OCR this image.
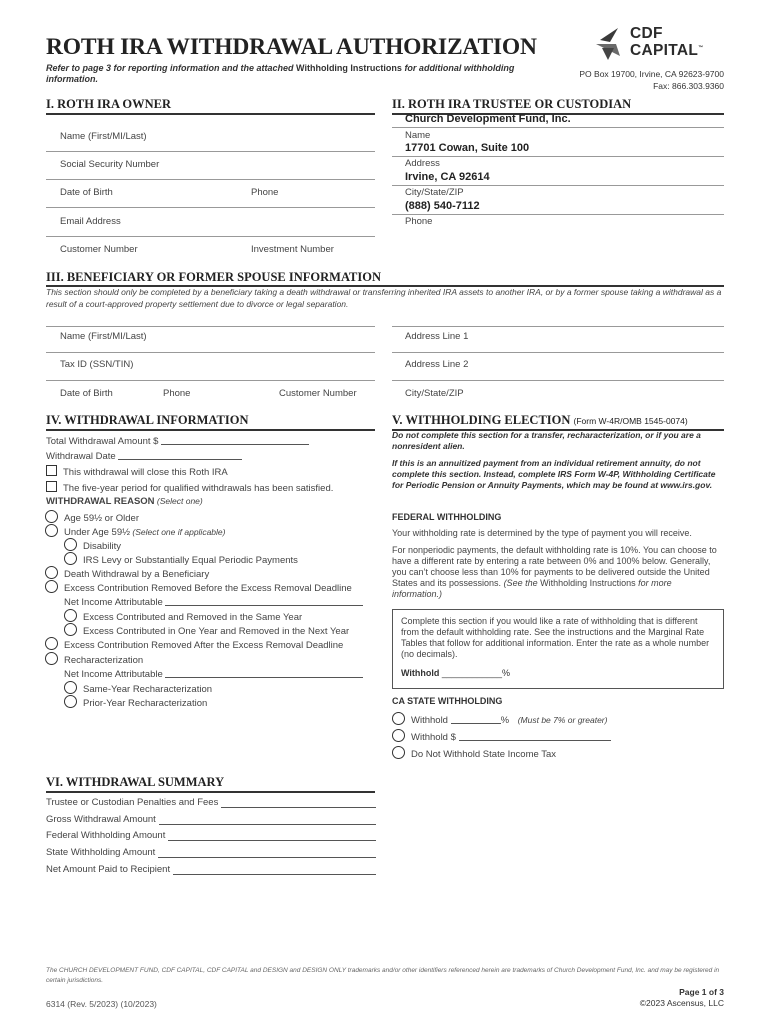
ROTH IRA WITHDRAWAL AUTHORIZATION
Refer to page 3 for reporting information and the attached Withholding Instructions for additional withholding information.
CDF
CAPITAL™
PO Box 19700, Irvine, CA 92623-9700
Fax: 866.303.9360
I. ROTH IRA OWNER
Name (First/MI/Last)
Social Security Number
Date of Birth	Phone
Email Address
Customer Number	Investment Number
II. ROTH IRA TRUSTEE OR CUSTODIAN
Church Development Fund, Inc.
Name
17701 Cowan, Suite 100
Address
Irvine, CA 92614
City/State/ZIP
(888) 540-7112
Phone
III. BENEFICIARY OR FORMER SPOUSE INFORMATION
This section should only be completed by a beneficiary taking a death withdrawal or transferring inherited IRA assets to another IRA, or by a former spouse taking a withdrawal as a result of a court-approved property settlement due to divorce or legal separation.
Name (First/MI/Last)	Address Line 1
Tax ID (SSN/TIN)	Address Line 2
Date of Birth	Phone	Customer Number	City/State/ZIP
IV. WITHDRAWAL INFORMATION
Total Withdrawal Amount $
Withdrawal Date
This withdrawal will close this Roth IRA
The five-year period for qualified withdrawals has been satisfied.
WITHDRAWAL REASON (Select one)
Age 59½ or Older
Under Age 59½ (Select one if applicable)
Disability
IRS Levy or Substantially Equal Periodic Payments
Death Withdrawal by a Beneficiary
Excess Contribution Removed Before the Excess Removal Deadline
Net Income Attributable
Excess Contributed and Removed in the Same Year
Excess Contributed in One Year and Removed in the Next Year
Excess Contribution Removed After the Excess Removal Deadline
Recharacterization
Net Income Attributable
Same-Year Recharacterization
Prior-Year Recharacterization
V. WITHHOLDING ELECTION (Form W-4R/OMB 1545-0074)
Do not complete this section for a transfer, recharacterization, or if you are a nonresident alien.
If this is an annuitized payment from an individual retirement annuity, do not complete this section. Instead, complete IRS Form W-4P, Withholding Certificate for Periodic Pension or Annuity Payments, which may be found at www.irs.gov.
FEDERAL WITHHOLDING
Your withholding rate is determined by the type of payment you will receive.
For nonperiodic payments, the default withholding rate is 10%. You can choose to have a different rate by entering a rate between 0% and 100% below. Generally, you can’t choose less than 10% for payments to be delivered outside the United States and its possessions. (See the Withholding Instructions for more information.)
Complete this section if you would like a rate of withholding that is different from the default withholding rate. See the instructions and the Marginal Rate Tables that follow for additional information. Enter the rate as a whole number (no decimals).
Withhold ____________%
CA STATE WITHHOLDING
Withhold	% (Must be 7% or greater)
Withhold $
Do Not Withhold State Income Tax
VI. WITHDRAWAL SUMMARY
Trustee or Custodian Penalties and Fees
Gross Withdrawal Amount
Federal Withholding Amount
State Withholding Amount
Net Amount Paid to Recipient
The CHURCH DEVELOPMENT FUND, CDF CAPITAL, CDF CAPITAL and DESIGN and DESIGN ONLY trademarks and/or other identifiers referenced herein are trademarks of Church Development Fund, Inc. and may be registered in certain jurisdictions.
6314 (Rev. 5/2023) (10/2023)
Page 1 of 3
©2023 Ascensus, LLC
